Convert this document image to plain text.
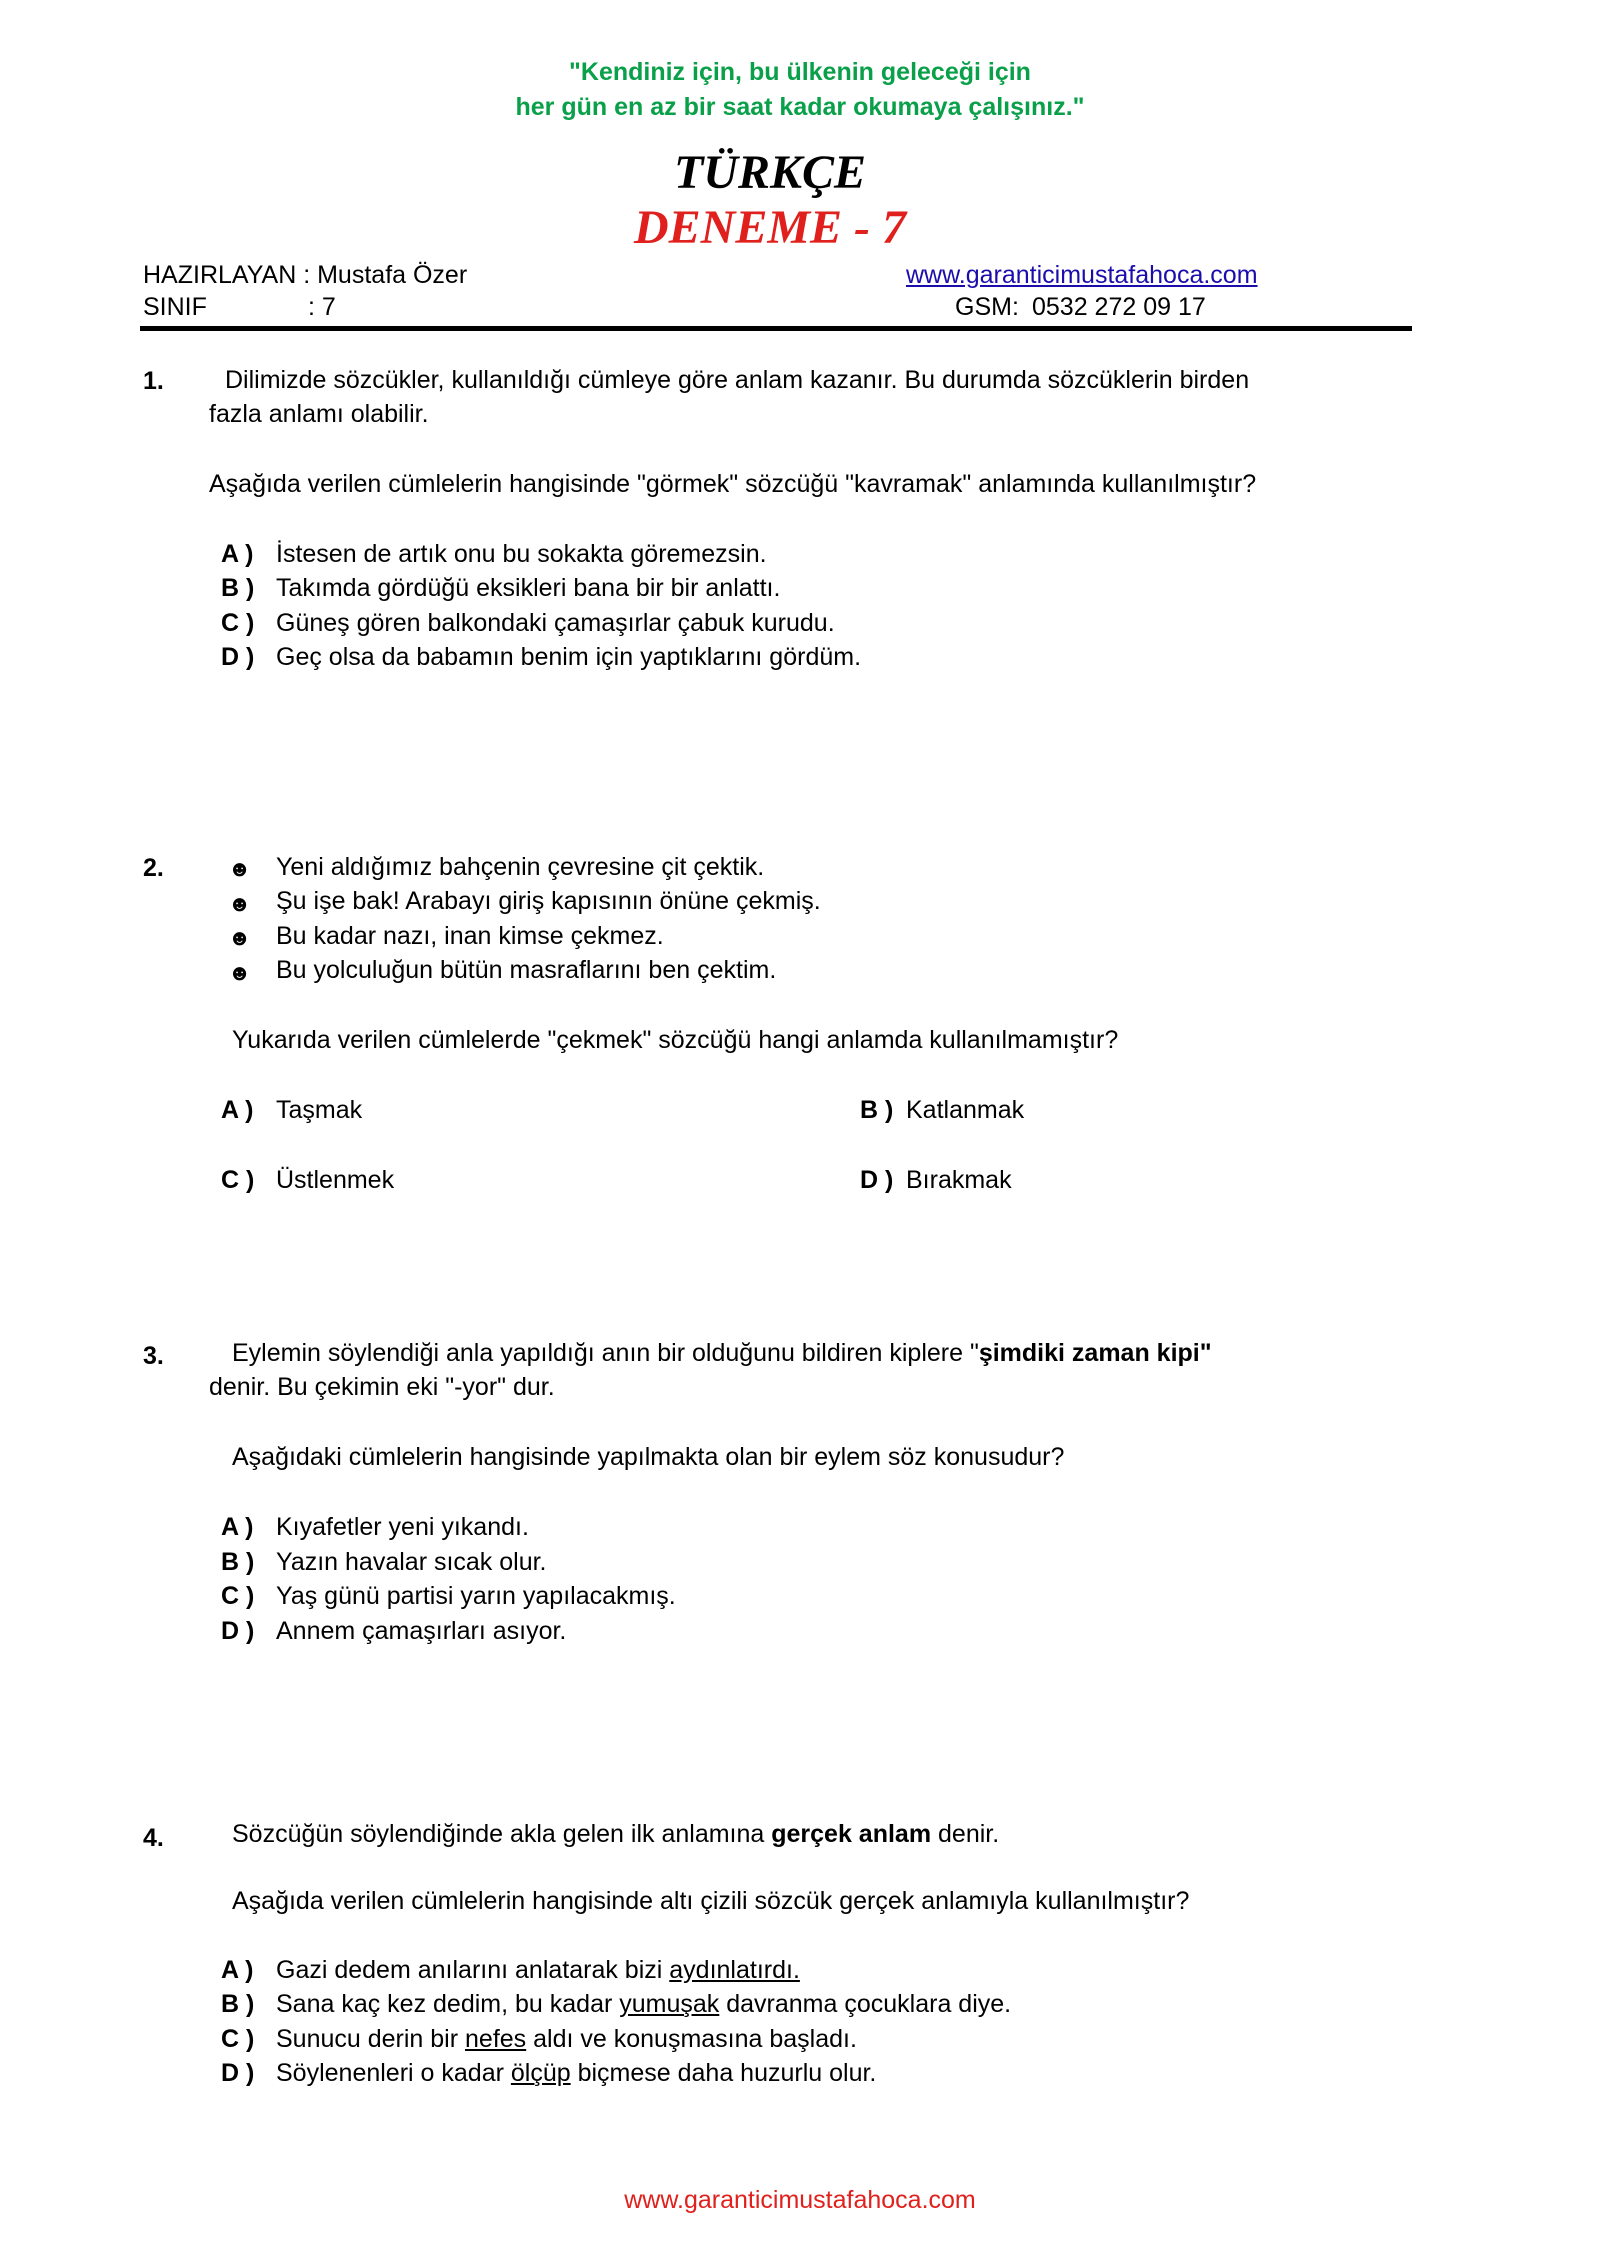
"Kendiniz için, bu ülkenin geleceği için
her gün en az bir saat kadar okumaya çalışınız."
TÜRKÇE
DENEME - 7
HAZIRLAYAN : Mustafa Özer	www.garanticimustafahoca.com
SINIF	: 7	GSM: 0532 272 09 17
1. Dilimizde sözcükler, kullanıldığı cümleye göre anlam kazanır. Bu durumda sözcüklerin birden
fazla anlamı olabilir.
Aşağıda verilen cümlelerin hangisinde "görmek" sözcüğü "kavramak" anlamında kullanılmıştır?
A ) İstesen de artık onu bu sokakta göremezsin.
B ) Takımda gördüğü eksikleri bana bir bir anlattı.
C ) Güneş gören balkondaki çamaşırlar çabuk kurudu.
D ) Geç olsa da babamın benim için yaptıklarını gördüm.
2.	☻ Yeni aldığımız bahçenin çevresine çit çektik.
☻ Şu işe bak! Arabayı giriş kapısının önüne çekmiş.
☻ Bu kadar nazı, inan kimse çekmez.
☻ Bu yolculuğun bütün masraflarını ben çektim.
Yukarıda verilen cümlelerde "çekmek" sözcüğü hangi anlamda kullanılmamıştır?
A ) Taşmak	B ) Katlanmak
C ) Üstlenmek	D ) Bırakmak
3.	Eylemin söylendiği anla yapıldığı anın bir olduğunu bildiren kiplere "şimdiki zaman kipi"
denir. Bu çekimin eki "-yor" dur.
Aşağıdaki cümlelerin hangisinde yapılmakta olan bir eylem söz konusudur?
A ) Kıyafetler yeni yıkandı.
B ) Yazın havalar sıcak olur.
C ) Yaş günü partisi yarın yapılacakmış.
D ) Annem çamaşırları asıyor.
4.	Sözcüğün söylendiğinde akla gelen ilk anlamına gerçek anlam denir.
Aşağıda verilen cümlelerin hangisinde altı çizili sözcük gerçek anlamıyla kullanılmıştır?
A ) Gazi dedem anılarını anlatarak bizi aydınlatırdı.
B ) Sana kaç kez dedim, bu kadar yumuşak davranma çocuklara diye.
C ) Sunucu derin bir nefes aldı ve konuşmasına başladı.
D ) Söylenenleri o kadar ölçüp biçmese daha huzurlu olur.
www.garanticimustafahoca.com
